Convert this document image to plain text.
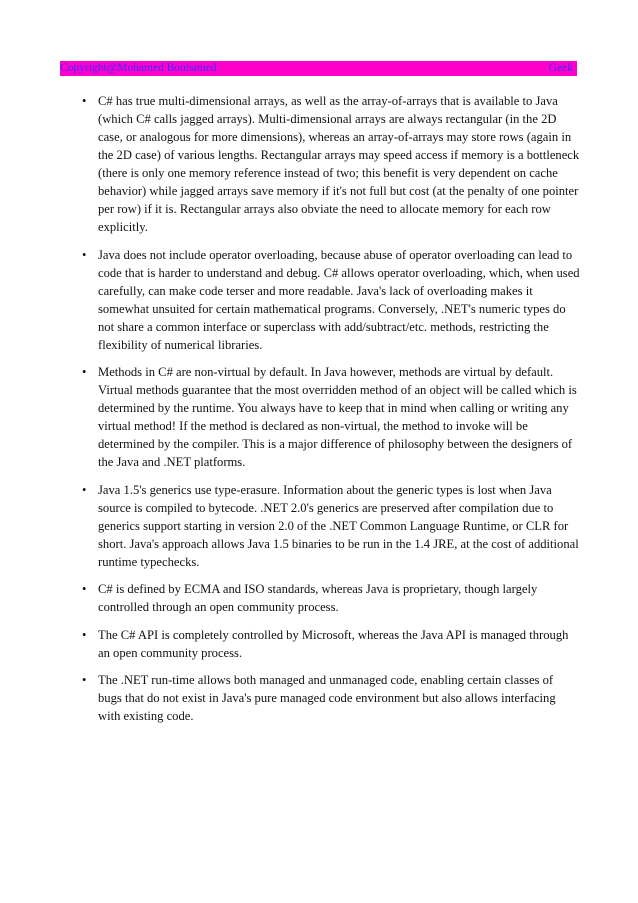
Copyright@Mohamed Bouhamed	Geek
• C# has true multi-dimensional arrays, as well as the array-of-arrays that is available to Java (which C# calls jagged arrays). Multi-dimensional arrays are always rectangular (in the 2D case, or analogous for more dimensions), whereas an array-of-arrays may store rows (again in the 2D case) of various lengths. Rectangular arrays may speed access if memory is a bottleneck (there is only one memory reference instead of two; this benefit is very dependent on cache behavior) while jagged arrays save memory if it's not full but cost (at the penalty of one pointer per row) if it is. Rectangular arrays also obviate the need to allocate memory for each row explicitly.
• Java does not include operator overloading, because abuse of operator overloading can lead to code that is harder to understand and debug. C# allows operator overloading, which, when used carefully, can make code terser and more readable. Java's lack of overloading makes it somewhat unsuited for certain mathematical programs. Conversely, .NET's numeric types do not share a common interface or superclass with add/subtract/etc. methods, restricting the flexibility of numerical libraries.
• Methods in C# are non-virtual by default. In Java however, methods are virtual by default. Virtual methods guarantee that the most overridden method of an object will be called which is determined by the runtime. You always have to keep that in mind when calling or writing any virtual method! If the method is declared as non-virtual, the method to invoke will be determined by the compiler. This is a major difference of philosophy between the designers of the Java and .NET platforms.
• Java 1.5's generics use type-erasure. Information about the generic types is lost when Java source is compiled to bytecode. .NET 2.0's generics are preserved after compilation due to generics support starting in version 2.0 of the .NET Common Language Runtime, or CLR for short. Java's approach allows Java 1.5 binaries to be run in the 1.4 JRE, at the cost of additional runtime typechecks.
• C# is defined by ECMA and ISO standards, whereas Java is proprietary, though largely controlled through an open community process.
• The C# API is completely controlled by Microsoft, whereas the Java API is managed through an open community process.
• The .NET run-time allows both managed and unmanaged code, enabling certain classes of bugs that do not exist in Java's pure managed code environment but also allows interfacing with existing code.
